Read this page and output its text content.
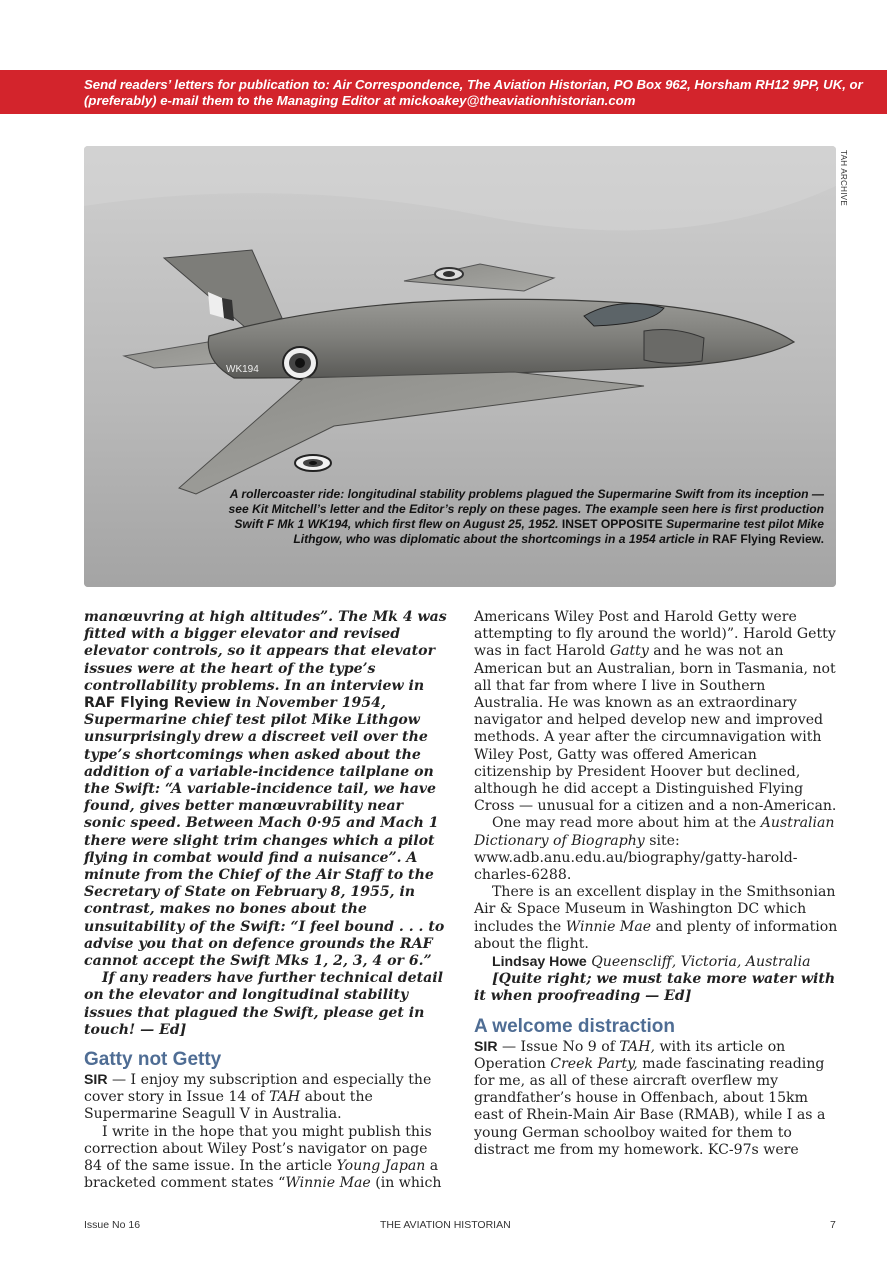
Send readers’ letters for publication to: Air Correspondence, The Aviation Historian, PO Box 962, Horsham RH12 9PP, UK, or (preferably) e-mail them to the Managing Editor at mickoakey@theaviationhistorian.com

WK194
A rollercoaster ride: longitudinal stability problems plagued the Supermarine Swift from its inception — see Kit Mitchell’s letter and the Editor’s reply on these pages. The example seen here is first production Swift F Mk 1 WK194, which first flew on August 25, 1952. INSET OPPOSITE Supermarine test pilot Mike Lithgow, who was diplomatic about the shortcomings in a 1954 article in RAF Flying Review.
TAH ARCHIVE

manœuvring at high altitudes”. The Mk 4 was fitted with a bigger elevator and revised elevator controls, so it appears that elevator issues were at the heart of the type’s controllability problems. In an interview in RAF Flying Review in November 1954, Supermarine chief test pilot Mike Lithgow unsurprisingly drew a discreet veil over the type’s shortcomings when asked about the addition of a variable-incidence tailplane on the Swift: “A variable-incidence tail, we have found, gives better manœuvrability near sonic speed. Between Mach 0·95 and Mach 1 there were slight trim changes which a pilot flying in combat would find a nuisance”. A minute from the Chief of the Air Staff to the Secretary of State on February 8, 1955, in contrast, makes no bones about the unsuitability of the Swift: “I feel bound . . . to advise you that on defence grounds the RAF cannot accept the Swift Mks 1, 2, 3, 4 or 6.”

If any readers have further technical detail on the elevator and longitudinal stability issues that plagued the Swift, please get in touch! — Ed]

Gatty not Getty

SIR — I enjoy my subscription and especially the cover story in Issue 14 of TAH about the Supermarine Seagull V in Australia.

I write in the hope that you might publish this correction about Wiley Post’s navigator on page 84 of the same issue. In the article Young Japan a bracketed comment states “Winnie Mae (in which

Americans Wiley Post and Harold Getty were attempting to fly around the world)”. Harold Getty was in fact Harold Gatty and he was not an American but an Australian, born in Tasmania, not all that far from where I live in Southern Australia. He was known as an extraordinary navigator and helped develop new and improved methods. A year after the circumnavigation with Wiley Post, Gatty was offered American citizenship by President Hoover but declined, although he did accept a Distinguished Flying Cross — unusual for a citizen and a non-American.

One may read more about him at the Australian Dictionary of Biography site: www.adb.anu.edu.au/biography/gatty-harold-charles-6288.

There is an excellent display in the Smithsonian Air & Space Museum in Washington DC which includes the Winnie Mae and plenty of information about the flight.

Lindsay Howe Queenscliff, Victoria, Australia

[Quite right; we must take more water with it when proofreading — Ed]

A welcome distraction

SIR — Issue No 9 of TAH, with its article on Operation Creek Party, made fascinating reading for me, as all of these aircraft overflew my grandfather’s house in Offenbach, about 15km east of Rhein-Main Air Base (RMAB), while I as a young German schoolboy waited for them to distract me from my homework. KC-97s were

Issue No 16	THE AVIATION HISTORIAN	7
